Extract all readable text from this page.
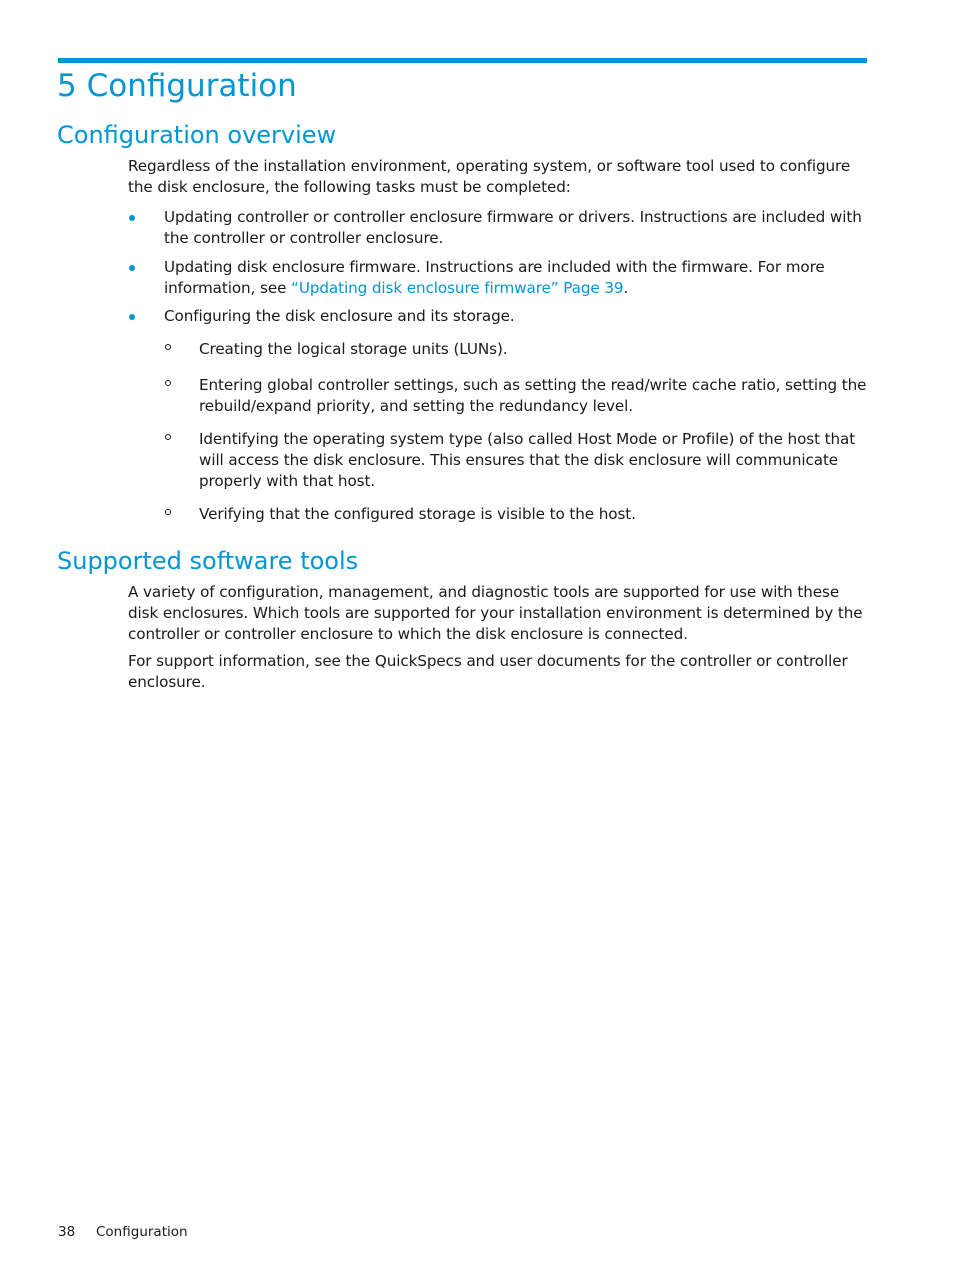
5 Configuration
Configuration overview

Regardless of the installation environment, operating system, or software tool used to configure the disk enclosure, the following tasks must be completed:

Updating controller or controller enclosure firmware or drivers. Instructions are included with the controller or controller enclosure.
Updating disk enclosure firmware. Instructions are included with the firmware. For more information, see “Updating disk enclosure firmware” Page 39.
Configuring the disk enclosure and its storage.
Creating the logical storage units (LUNs).
Entering global controller settings, such as setting the read/write cache ratio, setting the rebuild/expand priority, and setting the redundancy level.
Identifying the operating system type (also called Host Mode or Profile) of the host that will access the disk enclosure. This ensures that the disk enclosure will communicate properly with that host.
Verifying that the configured storage is visible to the host.
Supported software tools

A variety of configuration, management, and diagnostic tools are supported for use with these disk enclosures. Which tools are supported for your installation environment is determined by the controller or controller enclosure to which the disk enclosure is connected.

For support information, see the QuickSpecs and user documents for the controller or controller enclosure.

38 Configuration
